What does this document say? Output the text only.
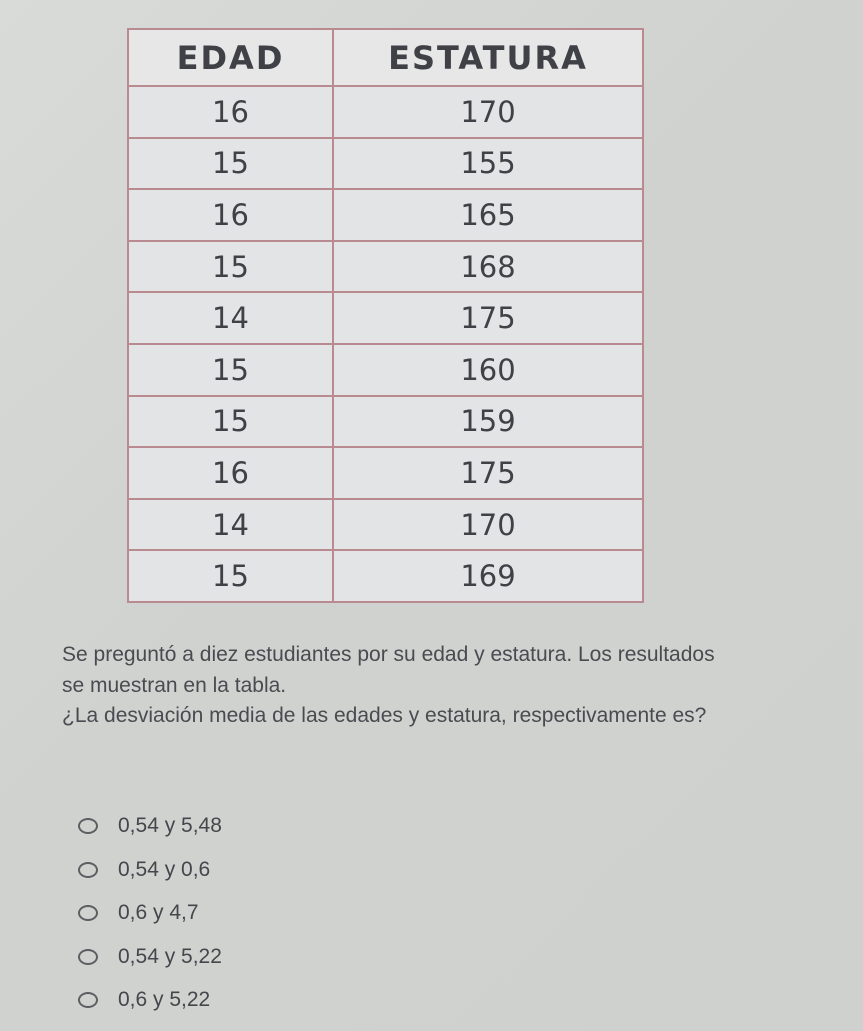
EDAD	ESTATURA
16	170
15	155
16	165
15	168
14	175
15	160
15	159
16	175
14	170
15	169

Se preguntó a diez estudiantes por su edad y estatura. Los resultados se muestran en la tabla.

¿La desviación media de las edades y estatura, respectivamente es?

0,54 y 5,48
0,54 y 0,6
0,6 y 4,7
0,54 y 5,22
0,6 y 5,22
